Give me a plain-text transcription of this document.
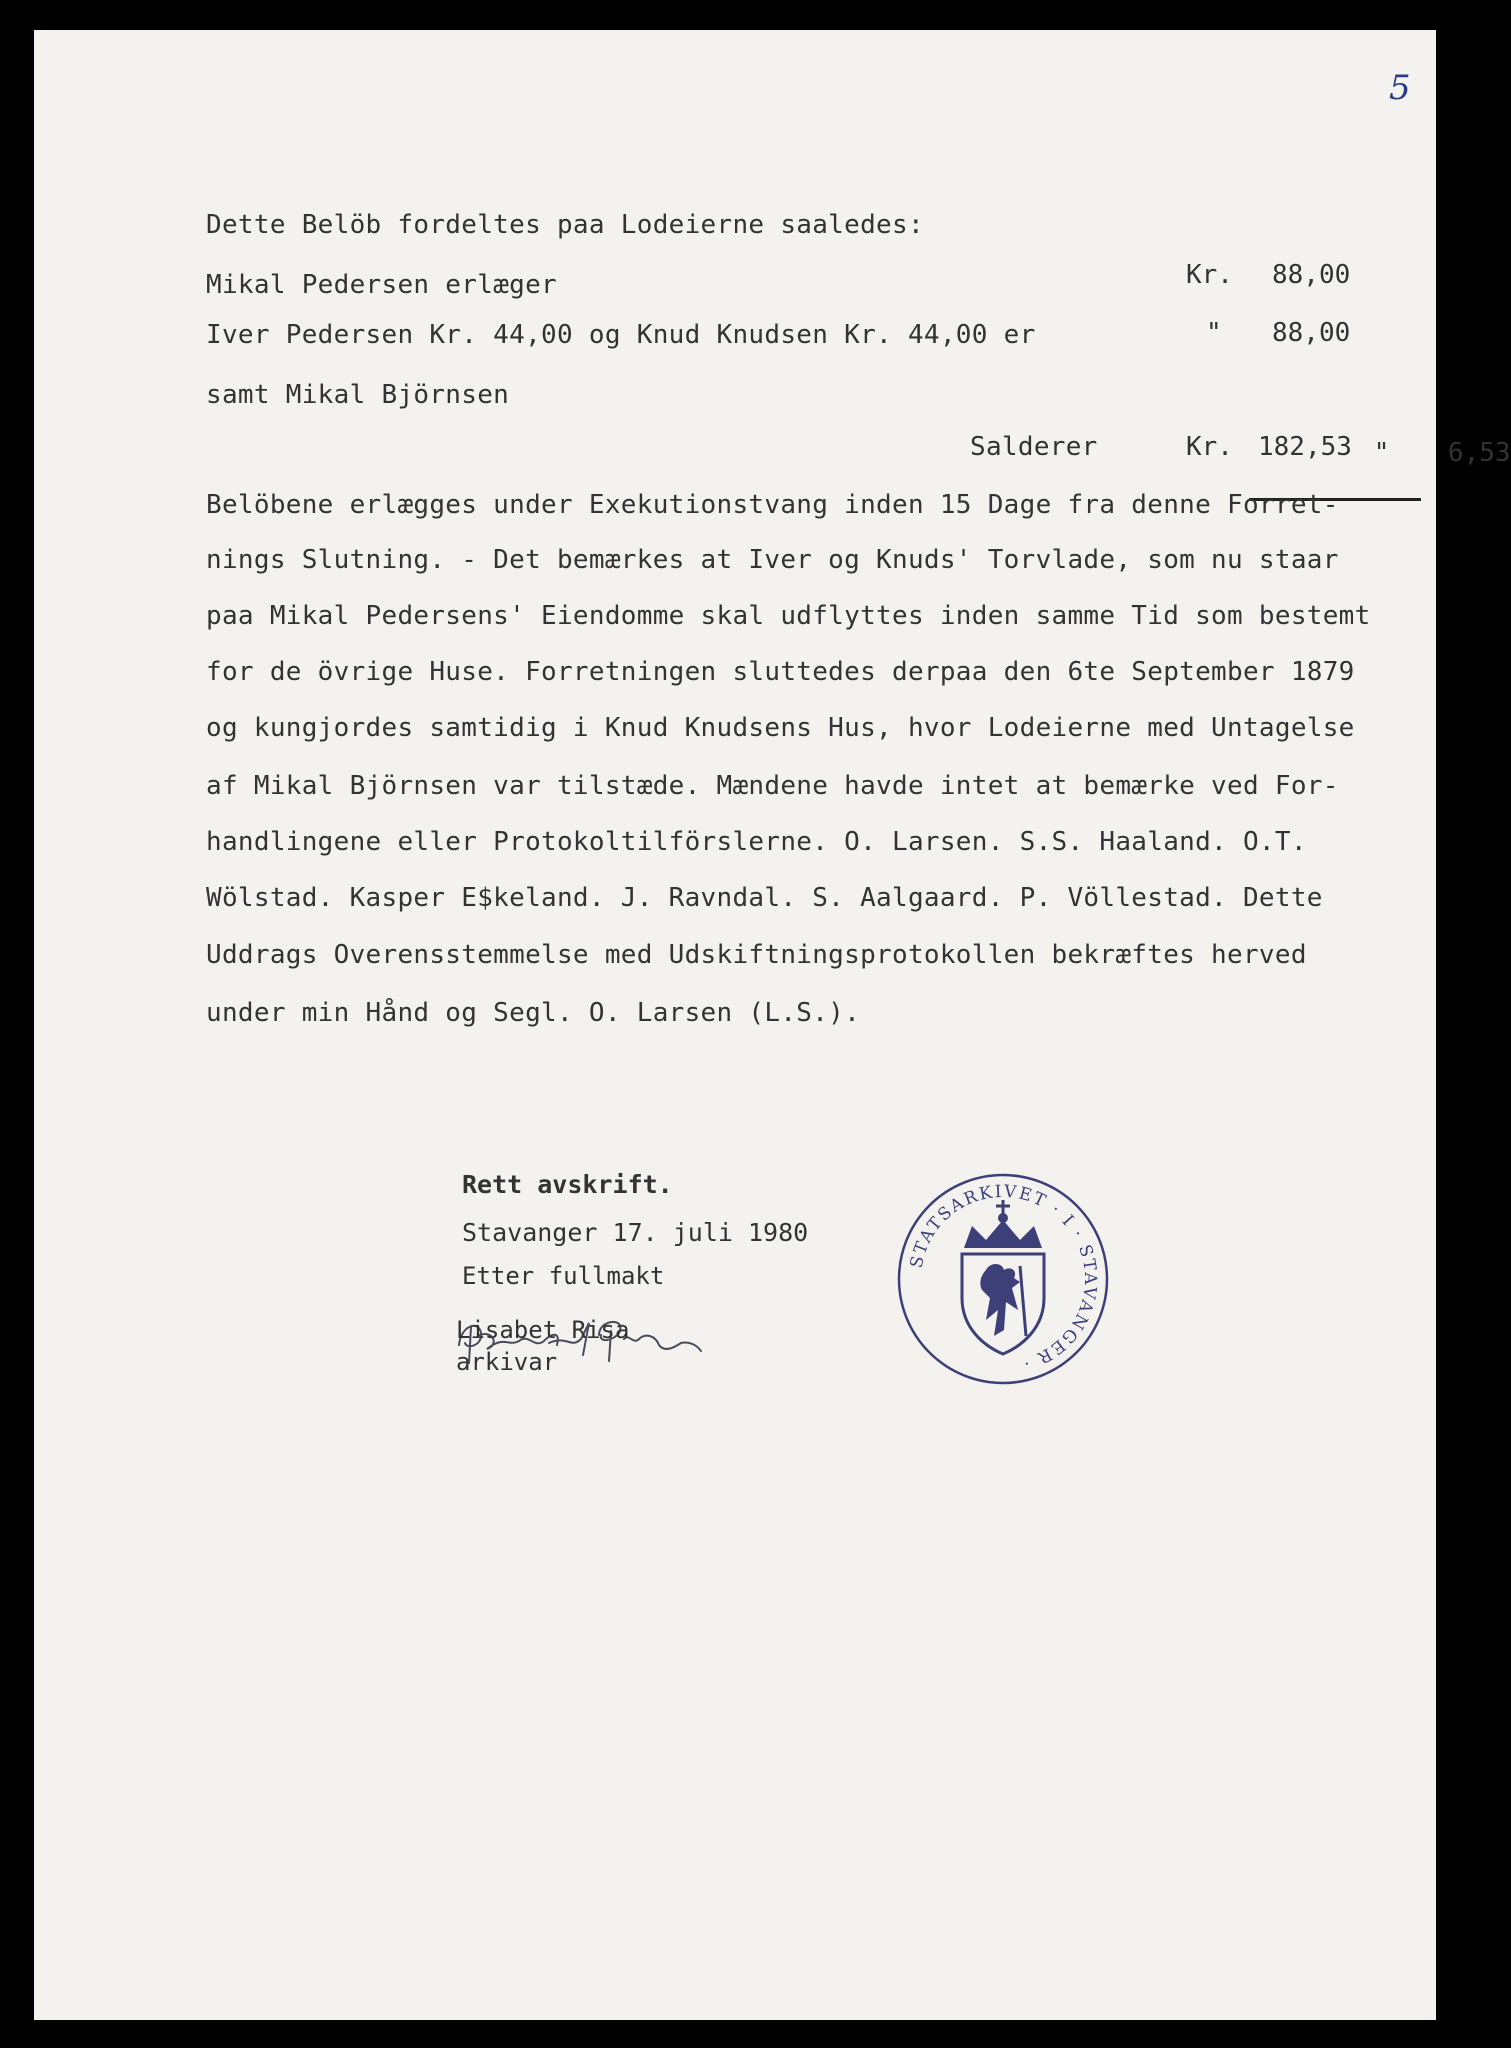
5
Dette Belöb fordeltes paa Lodeierne saaledes:
Mikal Pedersen erlæger
Iver Pedersen Kr. 44,00 og Knud Knudsen Kr. 44,00 er
samt Mikal Björnsen
Salderer
Kr. 88,00
" 88,00

" 6,53

Kr. 182,53
Belöbene erlægges under Exekutionstvang inden 15 Dage fra denne Forret-
nings Slutning. - Det bemærkes at Iver og Knuds' Torvlade, som nu staar
paa Mikal Pedersens' Eiendomme skal udflyttes inden samme Tid som bestemt
for de övrige Huse. Forretningen sluttedes derpaa den 6te September 1879
og kungjordes samtidig i Knud Knudsens Hus, hvor Lodeierne med Untagelse
af Mikal Björnsen var tilstæde. Mændene havde intet at bemærke ved For-
handlingene eller Protokoltilförslerne. O. Larsen. S.S. Haaland. O.T.
Wölstad. Kasper E$keland. J. Ravndal. S. Aalgaard. P. Völlestad. Dette
Uddrags Overensstemmelse med Udskiftningsprotokollen bekræftes herved
under min Hånd og Segl. O. Larsen (L.S.).
Rett avskrift.
Stavanger 17. juli 1980
Etter fullmakt
Lisabet Risa
arkivar
STATSARKIVET · I · STAVANGER ·
